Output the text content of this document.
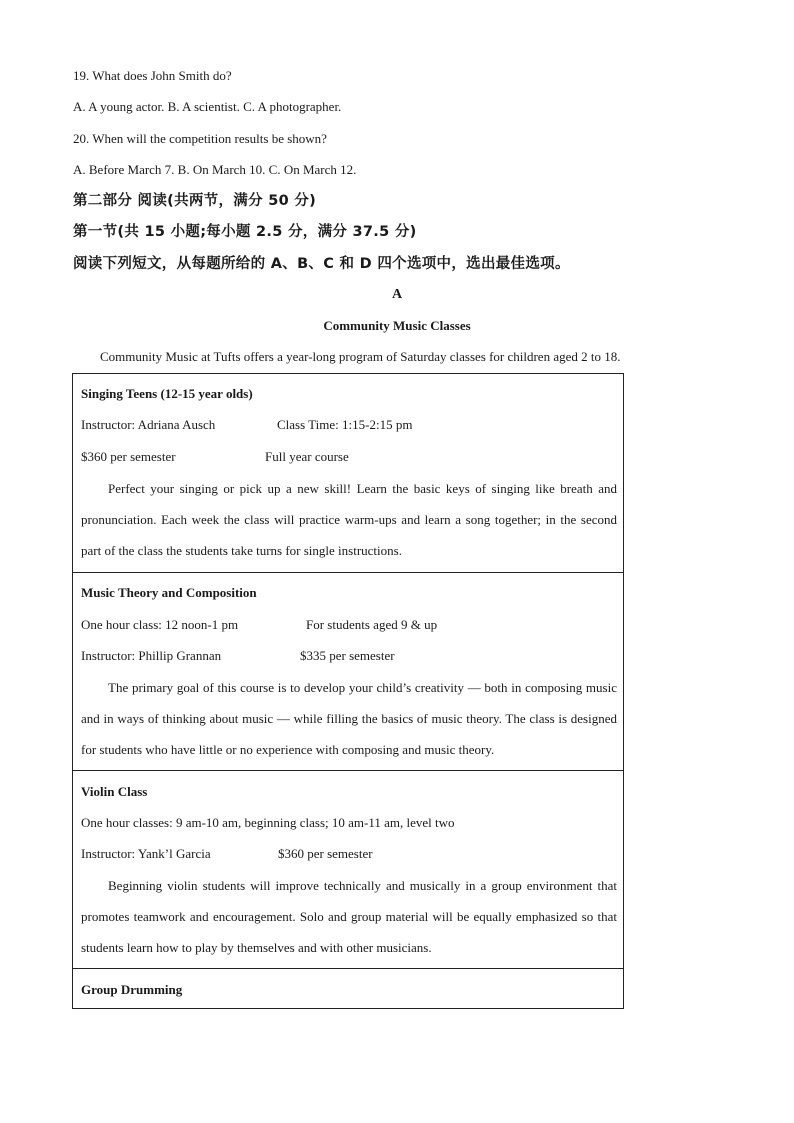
19. What does John Smith do?
A. A young actor. B. A scientist. C. A photographer.
20. When will the competition results be shown?
A. Before March 7. B. On March 10. C. On March 12.
第二部分 阅读(共两节，满分 50 分)
第一节(共 15 小题;每小题 2.5 分，满分 37.5 分)
阅读下列短文，从每题所给的 A、B、C 和 D 四个选项中，选出最佳选项。
A
Community Music Classes
Community Music at Tufts offers a year-long program of Saturday classes for children aged 2 to 18.
Singing Teens (12-15 year olds)
Instructor: Adriana Ausch	Class Time: 1:15-2:15 pm
$360 per semester	Full year course
Perfect your singing or pick up a new skill! Learn the basic keys of singing like breath and pronunciation. Each week the class will practice warm-ups and learn a song together; in the second part of the class the students take turns for single instructions.
Music Theory and Composition
One hour class: 12 noon-1 pm	For students aged 9 & up
Instructor: Phillip Grannan	$335 per semester
The primary goal of this course is to develop your child’s creativity — both in composing music and in ways of thinking about music — while filling the basics of music theory. The class is designed for students who have little or no experience with composing and music theory.
Violin Class
One hour classes: 9 am-10 am, beginning class; 10 am-11 am, level two
Instructor: Yank’l Garcia	$360 per semester
Beginning violin students will improve technically and musically in a group environment that promotes teamwork and encouragement. Solo and group material will be equally emphasized so that students learn how to play by themselves and with other musicians.
Group Drumming
